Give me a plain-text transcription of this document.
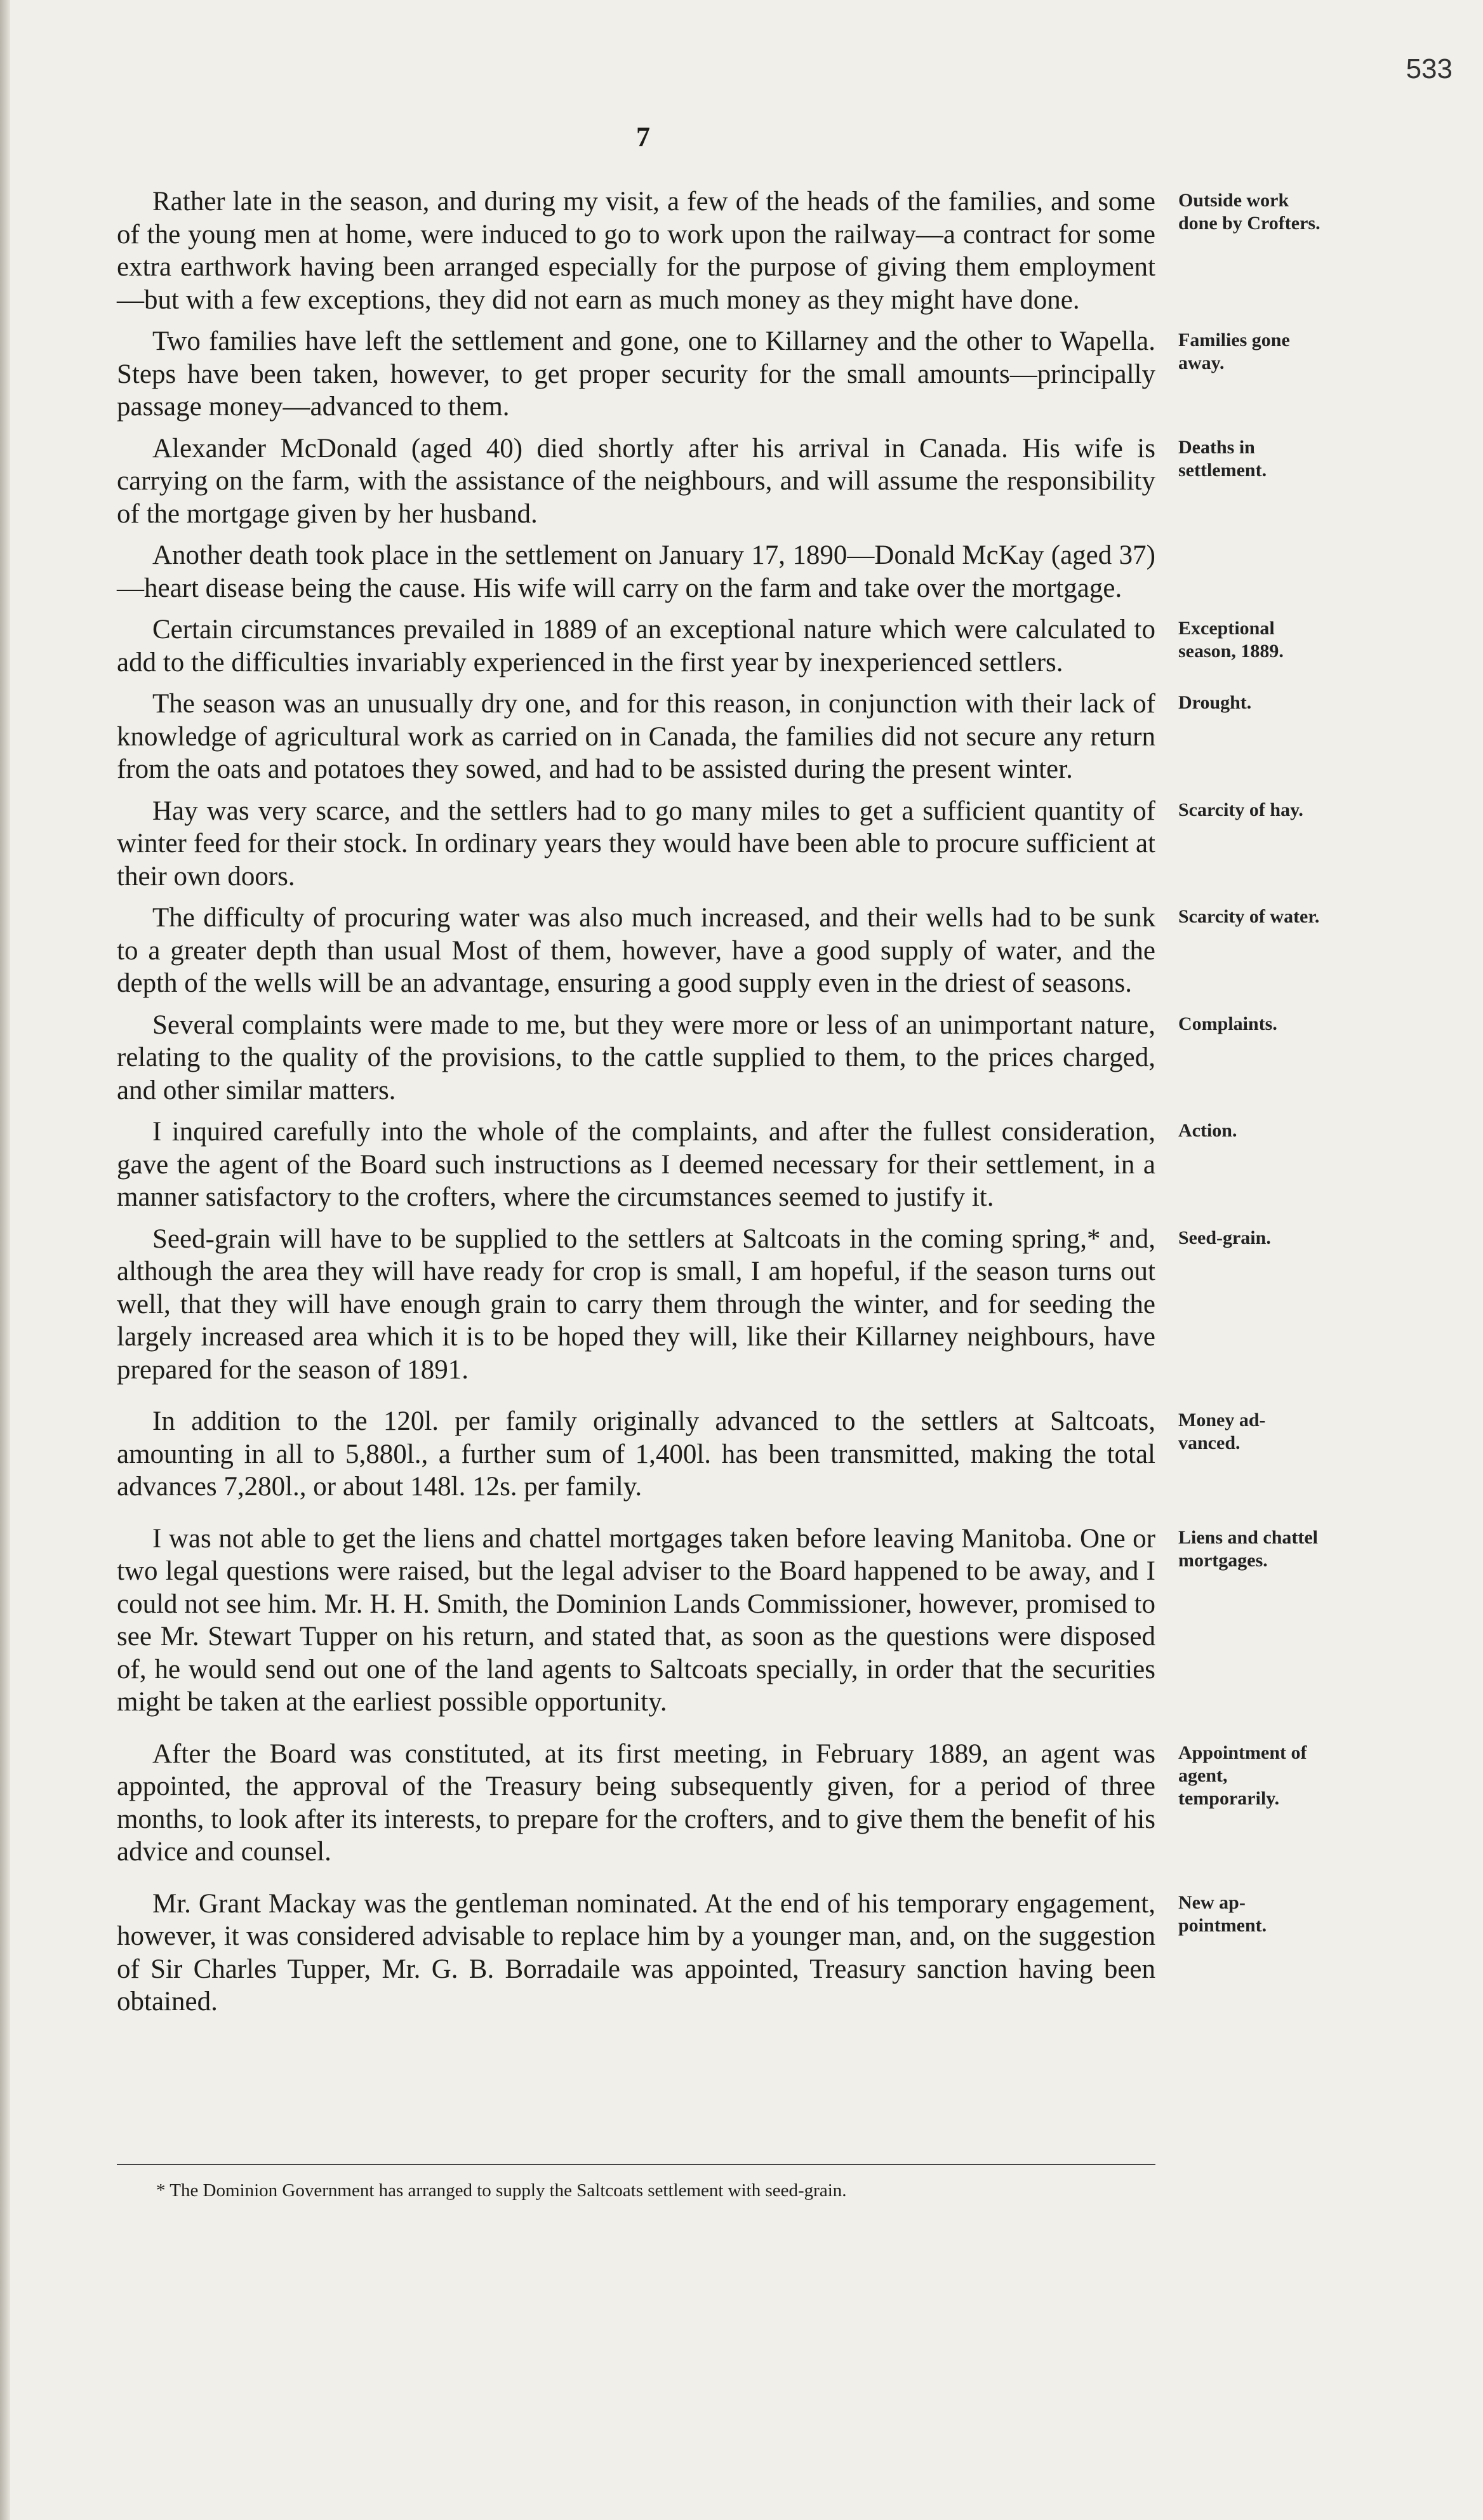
533
7

Rather late in the season, and during my visit, a few of the heads of the families, and some of the young men at home, were induced to go to work upon the railway—a contract for some extra earthwork having been arranged especially for the purpose of giving them employment—but with a few exceptions, they did not earn as much money as they might have done.
Outside work done by Crofters.

Two families have left the settlement and gone, one to Killarney and the other to Wapella. Steps have been taken, however, to get proper security for the small amounts—principally passage money—advanced to them.
Families gone away.

Alexander McDonald (aged 40) died shortly after his arrival in Canada. His wife is carrying on the farm, with the assistance of the neighbours, and will assume the responsibility of the mortgage given by her husband.
Deaths in settlement.

Another death took place in the settlement on January 17, 1890—Donald McKay (aged 37)—heart disease being the cause. His wife will carry on the farm and take over the mortgage.

Certain circumstances prevailed in 1889 of an exceptional nature which were calculated to add to the difficulties invariably experienced in the first year by inexperienced settlers.
Exceptional season, 1889.

The season was an unusually dry one, and for this reason, in conjunction with their lack of knowledge of agricultural work as carried on in Canada, the families did not secure any return from the oats and potatoes they sowed, and had to be assisted during the present winter.
Drought.

Hay was very scarce, and the settlers had to go many miles to get a sufficient quantity of winter feed for their stock. In ordinary years they would have been able to procure sufficient at their own doors.
Scarcity of hay.

The difficulty of procuring water was also much increased, and their wells had to be sunk to a greater depth than usual Most of them, however, have a good supply of water, and the depth of the wells will be an advantage, ensuring a good supply even in the driest of seasons.
Scarcity of water.

Several complaints were made to me, but they were more or less of an unimportant nature, relating to the quality of the provisions, to the cattle supplied to them, to the prices charged, and other similar matters.
Complaints.

I inquired carefully into the whole of the complaints, and after the fullest consideration, gave the agent of the Board such instructions as I deemed necessary for their settlement, in a manner satisfactory to the crofters, where the circumstances seemed to justify it.
Action.

Seed-grain will have to be supplied to the settlers at Saltcoats in the coming spring,* and, although the area they will have ready for crop is small, I am hopeful, if the season turns out well, that they will have enough grain to carry them through the winter, and for seeding the largely increased area which it is to be hoped they will, like their Killarney neighbours, have prepared for the season of 1891.
Seed-grain.

In addition to the 120l. per family originally advanced to the settlers at Saltcoats, amounting in all to 5,880l., a further sum of 1,400l. has been transmitted, making the total advances 7,280l., or about 148l. 12s. per family.
Money ad-vanced.

I was not able to get the liens and chattel mortgages taken before leaving Manitoba. One or two legal questions were raised, but the legal adviser to the Board happened to be away, and I could not see him. Mr. H. H. Smith, the Dominion Lands Commissioner, however, promised to see Mr. Stewart Tupper on his return, and stated that, as soon as the questions were disposed of, he would send out one of the land agents to Saltcoats specially, in order that the securities might be taken at the earliest possible opportunity.
Liens and chattel mortgages.

After the Board was constituted, at its first meeting, in February 1889, an agent was appointed, the approval of the Treasury being subsequently given, for a period of three months, to look after its interests, to prepare for the crofters, and to give them the benefit of his advice and counsel.
Appointment of agent, temporarily.

Mr. Grant Mackay was the gentleman nominated. At the end of his temporary engagement, however, it was considered advisable to replace him by a younger man, and, on the suggestion of Sir Charles Tupper, Mr. G. B. Borradaile was appointed, Treasury sanction having been obtained.
New ap-pointment.

* The Dominion Government has arranged to supply the Saltcoats settlement with seed-grain.
